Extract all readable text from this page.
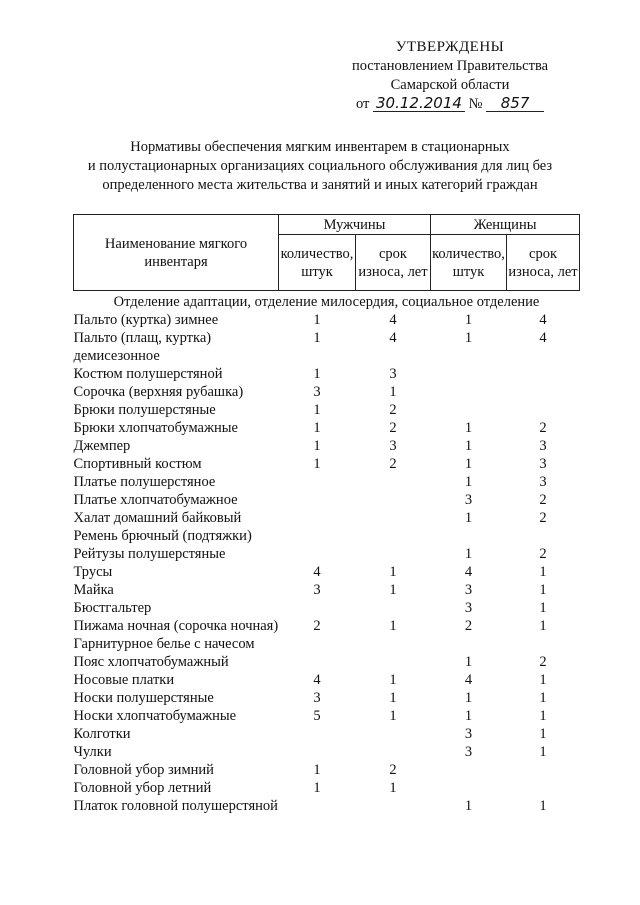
УТВЕРЖДЕНЫ
постановлением Правительства
Самарской области
от 30.12.2014 № 857
Нормативы обеспечения мягким инвентарем в стационарных
и полустационарных организациях социального обслуживания для лиц без
определенного места жительства и занятий и иных категорий граждан
Наименование мягкого инвентаря	Мужчины		Женщины	
	количество, штук	срок износа, лет	количество, штук	срок износа, лет
Отделение адаптации, отделение милосердия, социальное отделение				
Пальто (куртка) зимнее	1	4	1	4
Пальто (плащ, куртка) демисезонное	1	4	1	4
Костюм полушерстяной	1	3		
Сорочка (верхняя рубашка)	3	1		
Брюки полушерстяные	1	2		
Брюки хлопчатобумажные	1	2	1	2
Джемпер	1	3	1	3
Спортивный костюм	1	2	1	3
Платье полушерстяное			1	3
Платье хлопчатобумажное			3	2
Халат домашний байковый			1	2
Ремень брючный (подтяжки)				
Рейтузы полушерстяные			1	2
Трусы	4	1	4	1
Майка	3	1	3	1
Бюстгальтер			3	1
Пижама ночная (сорочка ночная)	2	1	2	1
Гарнитурное белье с начесом				
Пояс хлопчатобумажный			1	2
Носовые платки	4	1	4	1
Носки полушерстяные	3	1	1	1
Носки хлопчатобумажные	5	1	1	1
Колготки			3	1
Чулки			3	1
Головной убор зимний	1	2		
Головной убор летний	1	1		
Платок головной полушерстяной			1	1
